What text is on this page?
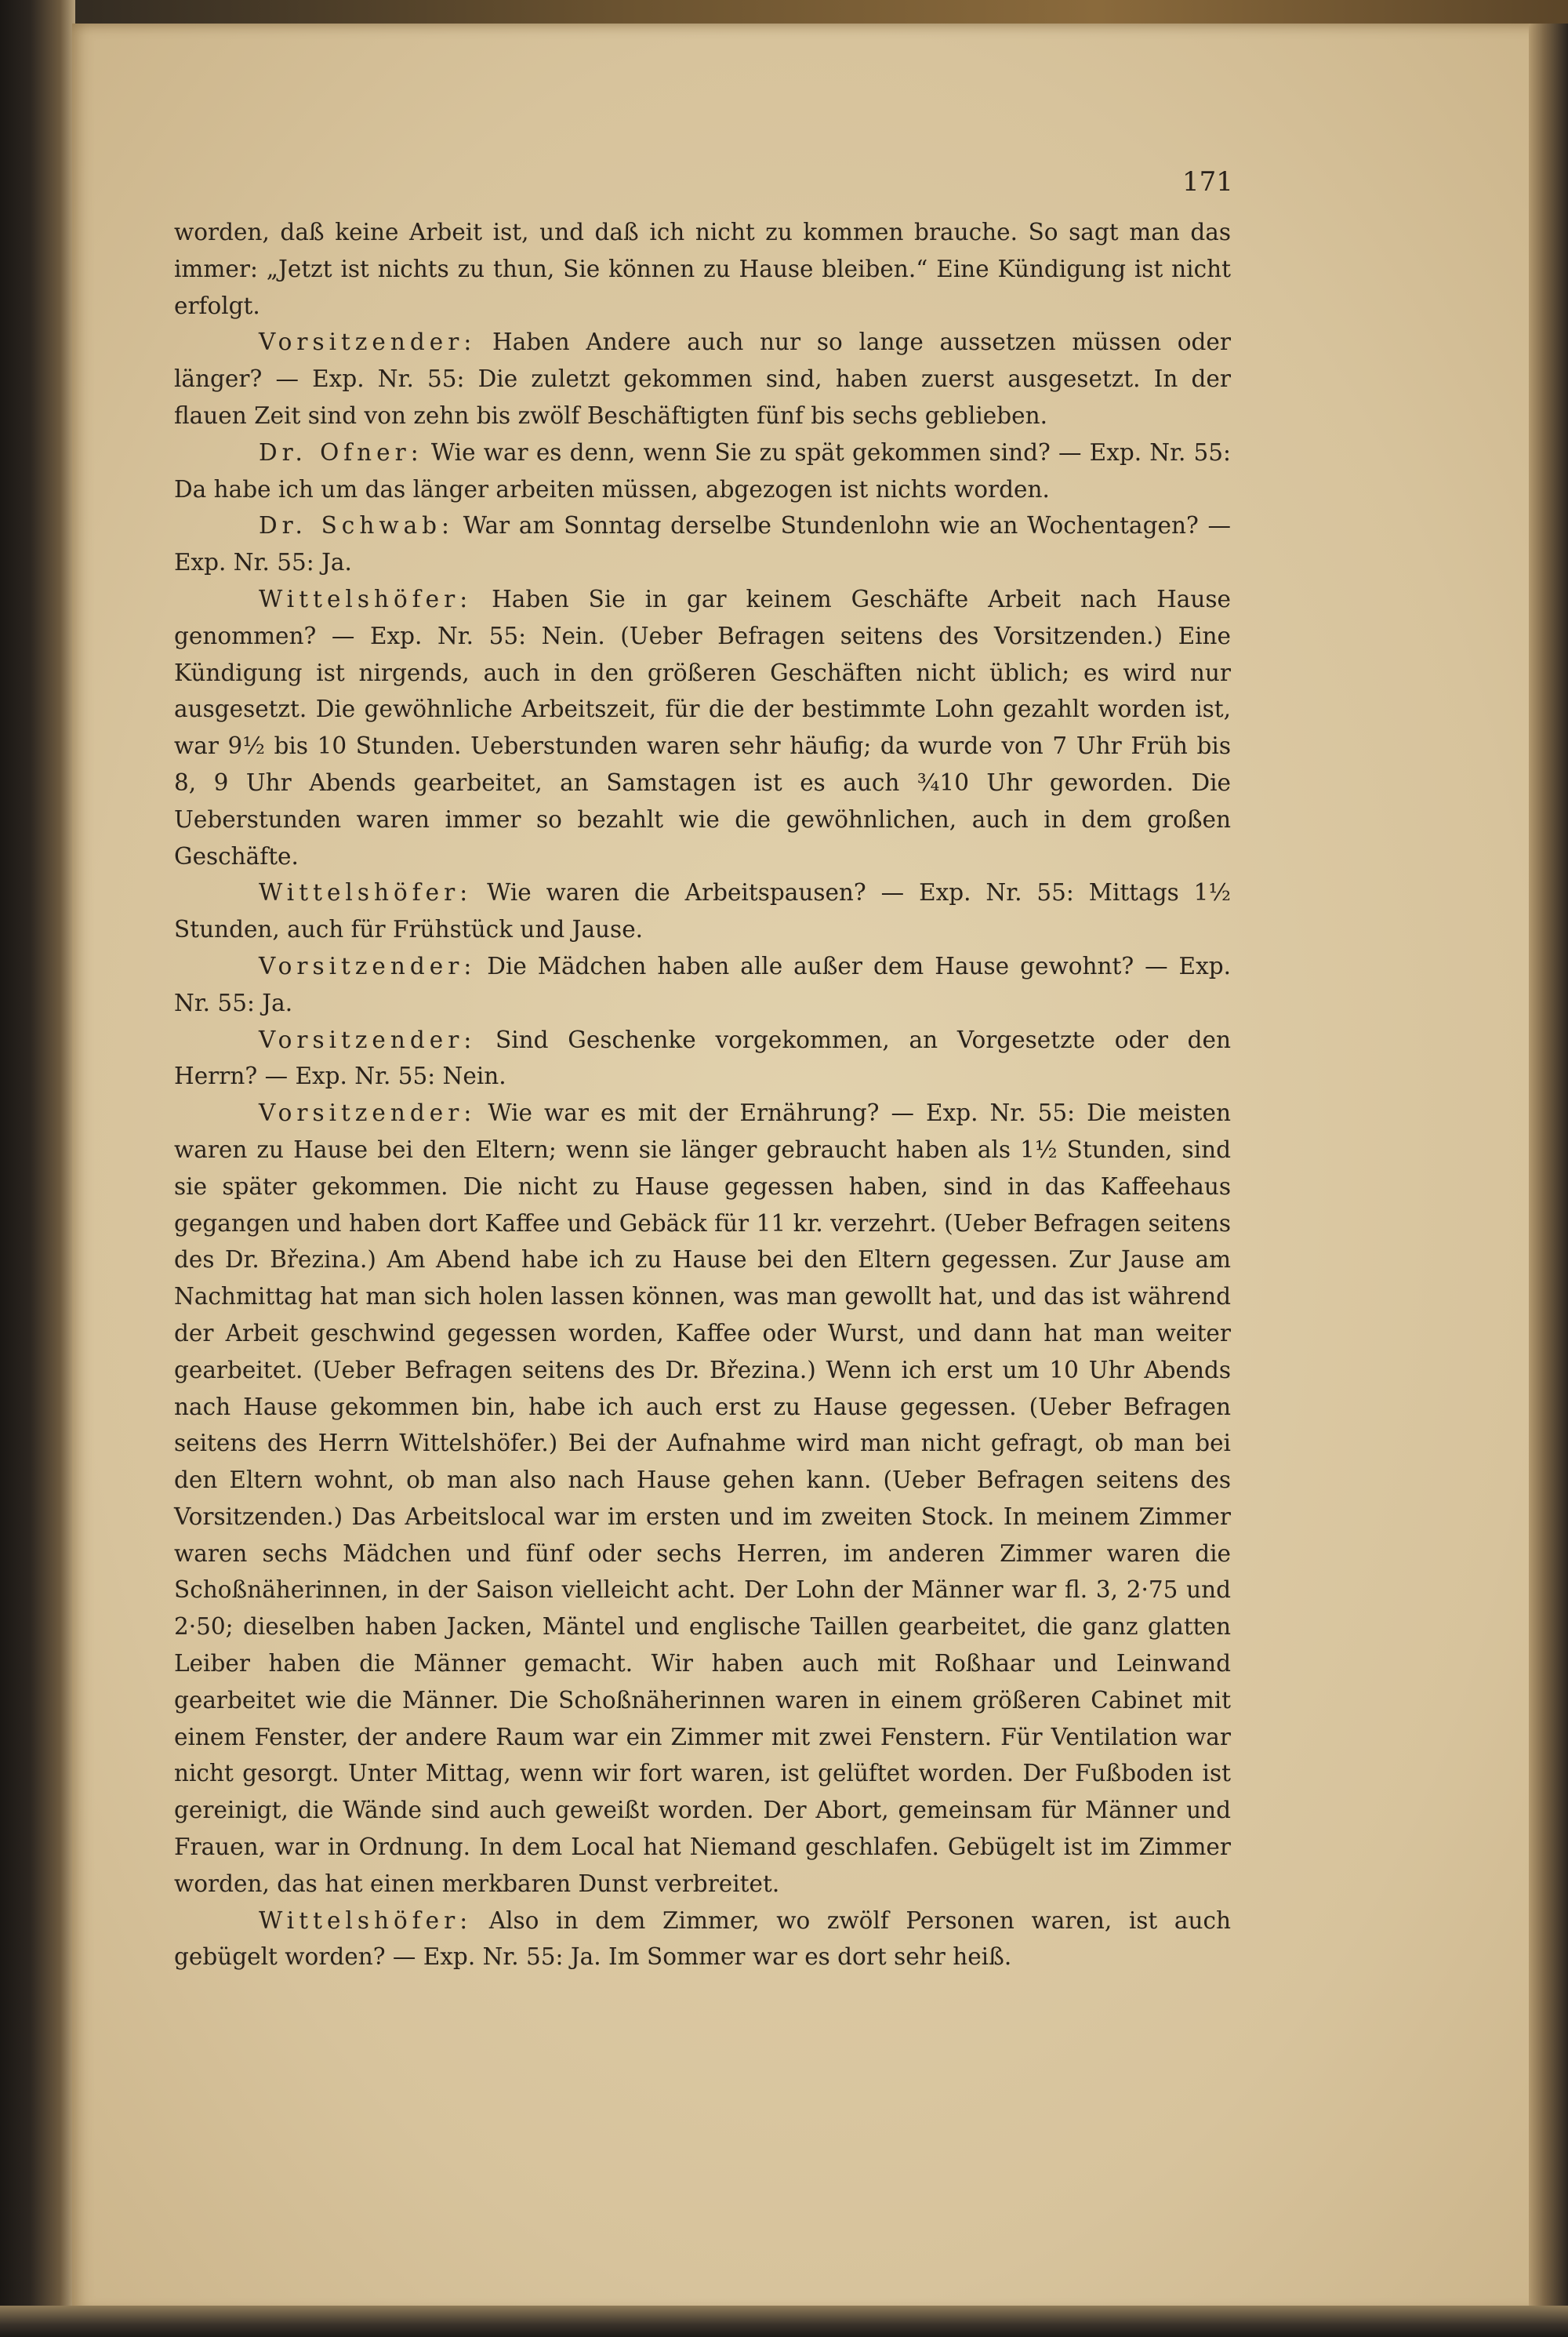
171

worden, daß keine Arbeit ist, und daß ich nicht zu kommen brauche. So sagt man das immer: „Jetzt ist nichts zu thun, Sie können zu Hause bleiben.“ Eine Kündigung ist nicht erfolgt.

Vorsitzender: Haben Andere auch nur so lange aussetzen müssen oder länger? — Exp. Nr. 55: Die zuletzt gekommen sind, haben zuerst ausgesetzt. In der flauen Zeit sind von zehn bis zwölf Beschäftigten fünf bis sechs geblieben.

Dr. Ofner: Wie war es denn, wenn Sie zu spät gekommen sind? — Exp. Nr. 55: Da habe ich um das länger arbeiten müssen, abgezogen ist nichts worden.

Dr. Schwab: War am Sonntag derselbe Stundenlohn wie an Wochentagen? — Exp. Nr. 55: Ja.

Wittelshöfer: Haben Sie in gar keinem Geschäfte Arbeit nach Hause genommen? — Exp. Nr. 55: Nein. (Ueber Befragen seitens des Vorsitzenden.) Eine Kündigung ist nirgends, auch in den größeren Geschäften nicht üblich; es wird nur ausgesetzt. Die gewöhnliche Arbeitszeit, für die der bestimmte Lohn gezahlt worden ist, war 9½ bis 10 Stunden. Ueberstunden waren sehr häufig; da wurde von 7 Uhr Früh bis 8, 9 Uhr Abends gearbeitet, an Samstagen ist es auch ¾10 Uhr geworden. Die Ueberstunden waren immer so bezahlt wie die gewöhnlichen, auch in dem großen Geschäfte.

Wittelshöfer: Wie waren die Arbeitspausen? — Exp. Nr. 55: Mittags 1½ Stunden, auch für Frühstück und Jause.

Vorsitzender: Die Mädchen haben alle außer dem Hause gewohnt? — Exp. Nr. 55: Ja.

Vorsitzender: Sind Geschenke vorgekommen, an Vorgesetzte oder den Herrn? — Exp. Nr. 55: Nein.

Vorsitzender: Wie war es mit der Ernährung? — Exp. Nr. 55: Die meisten waren zu Hause bei den Eltern; wenn sie länger gebraucht haben als 1½ Stunden, sind sie später gekommen. Die nicht zu Hause gegessen haben, sind in das Kaffeehaus gegangen und haben dort Kaffee und Gebäck für 11 kr. verzehrt. (Ueber Befragen seitens des Dr. Březina.) Am Abend habe ich zu Hause bei den Eltern gegessen. Zur Jause am Nachmittag hat man sich holen lassen können, was man gewollt hat, und das ist während der Arbeit geschwind gegessen worden, Kaffee oder Wurst, und dann hat man weiter gearbeitet. (Ueber Befragen seitens des Dr. Březina.) Wenn ich erst um 10 Uhr Abends nach Hause gekommen bin, habe ich auch erst zu Hause gegessen. (Ueber Befragen seitens des Herrn Wittelshöfer.) Bei der Aufnahme wird man nicht gefragt, ob man bei den Eltern wohnt, ob man also nach Hause gehen kann. (Ueber Befragen seitens des Vorsitzenden.) Das Arbeitslocal war im ersten und im zweiten Stock. In meinem Zimmer waren sechs Mädchen und fünf oder sechs Herren, im anderen Zimmer waren die Schoßnäherinnen, in der Saison vielleicht acht. Der Lohn der Männer war fl. 3, 2·75 und 2·50; dieselben haben Jacken, Mäntel und englische Taillen gearbeitet, die ganz glatten Leiber haben die Männer gemacht. Wir haben auch mit Roßhaar und Leinwand gearbeitet wie die Männer. Die Schoßnäherinnen waren in einem größeren Cabinet mit einem Fenster, der andere Raum war ein Zimmer mit zwei Fenstern. Für Ventilation war nicht gesorgt. Unter Mittag, wenn wir fort waren, ist gelüftet worden. Der Fußboden ist gereinigt, die Wände sind auch geweißt worden. Der Abort, gemeinsam für Männer und Frauen, war in Ordnung. In dem Local hat Niemand geschlafen. Gebügelt ist im Zimmer worden, das hat einen merkbaren Dunst verbreitet.

Wittelshöfer: Also in dem Zimmer, wo zwölf Personen waren, ist auch gebügelt worden? — Exp. Nr. 55: Ja. Im Sommer war es dort sehr heiß.
